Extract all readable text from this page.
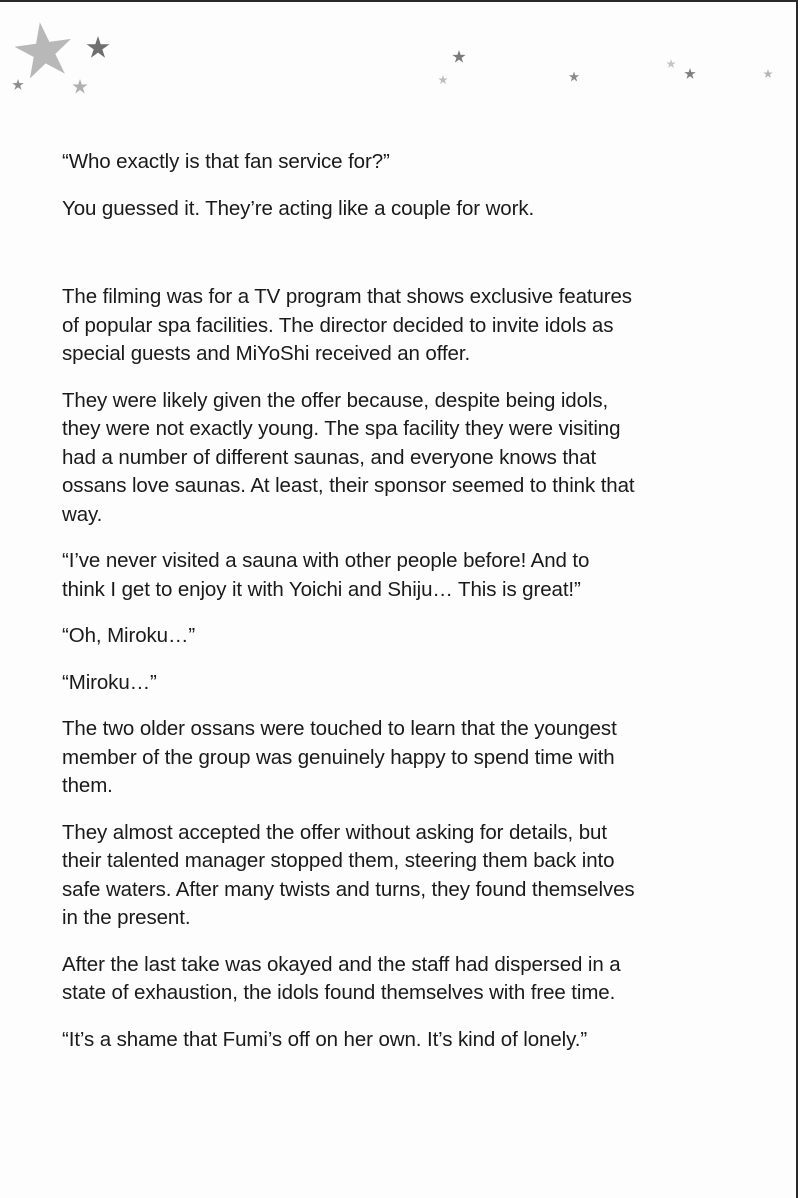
“Who exactly is that fan service for?”

You guessed it. They’re acting like a couple for work.

The filming was for a TV program that shows exclusive features
of popular spa facilities. The director decided to invite idols as
special guests and MiYoShi received an offer.

They were likely given the offer because, despite being idols,
they were not exactly young. The spa facility they were visiting
had a number of different saunas, and everyone knows that
ossans love saunas. At least, their sponsor seemed to think that
way.

“I’ve never visited a sauna with other people before! And to
think I get to enjoy it with Yoichi and Shiju… This is great!”

“Oh, Miroku…”

“Miroku…”

The two older ossans were touched to learn that the youngest
member of the group was genuinely happy to spend time with
them.

They almost accepted the offer without asking for details, but
their talented manager stopped them, steering them back into
safe waters. After many twists and turns, they found themselves
in the present.

After the last take was okayed and the staff had dispersed in a
state of exhaustion, the idols found themselves with free time.

“It’s a shame that Fumi’s off on her own. It’s kind of lonely.”
